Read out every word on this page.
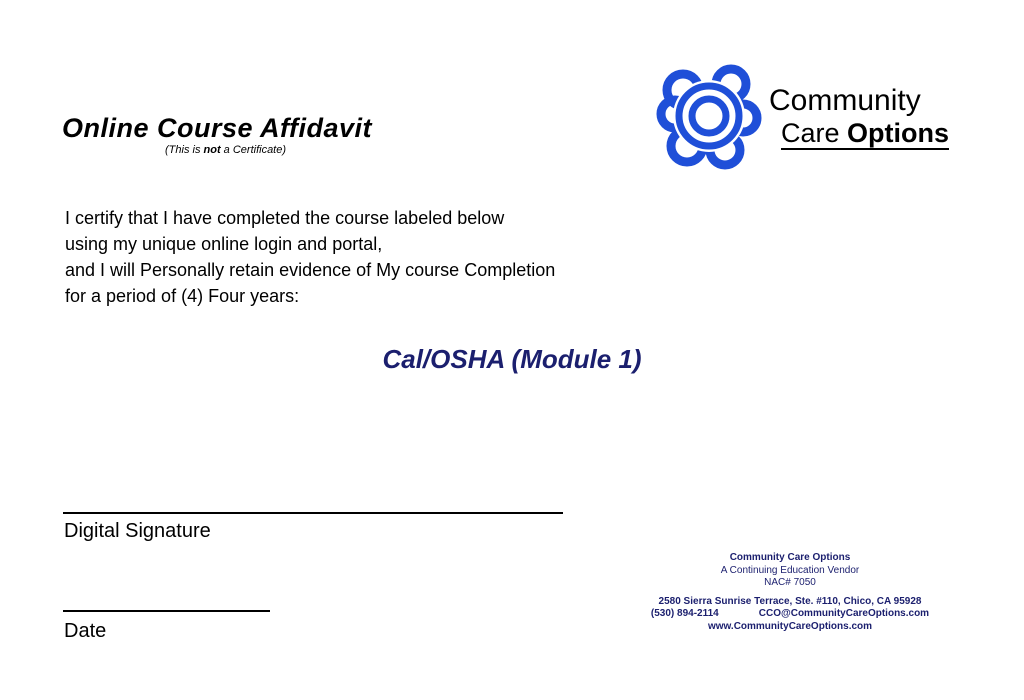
Online Course Affidavit
(This is not a Certificate)
Community
Care Options
I certify that I have completed the course labeled below
using my unique online login and portal,
and I will Personally retain evidence of My course Completion
for a period of (4) Four years:
Cal/OSHA (Module 1)
Digital Signature
Date
Community Care Options
A Continuing Education Vendor
NAC# 7050
2580 Sierra Sunrise Terrace, Ste. #110, Chico, CA 95928
(530) 894-2114	CCO@CommunityCareOptions.com
www.CommunityCareOptions.com
